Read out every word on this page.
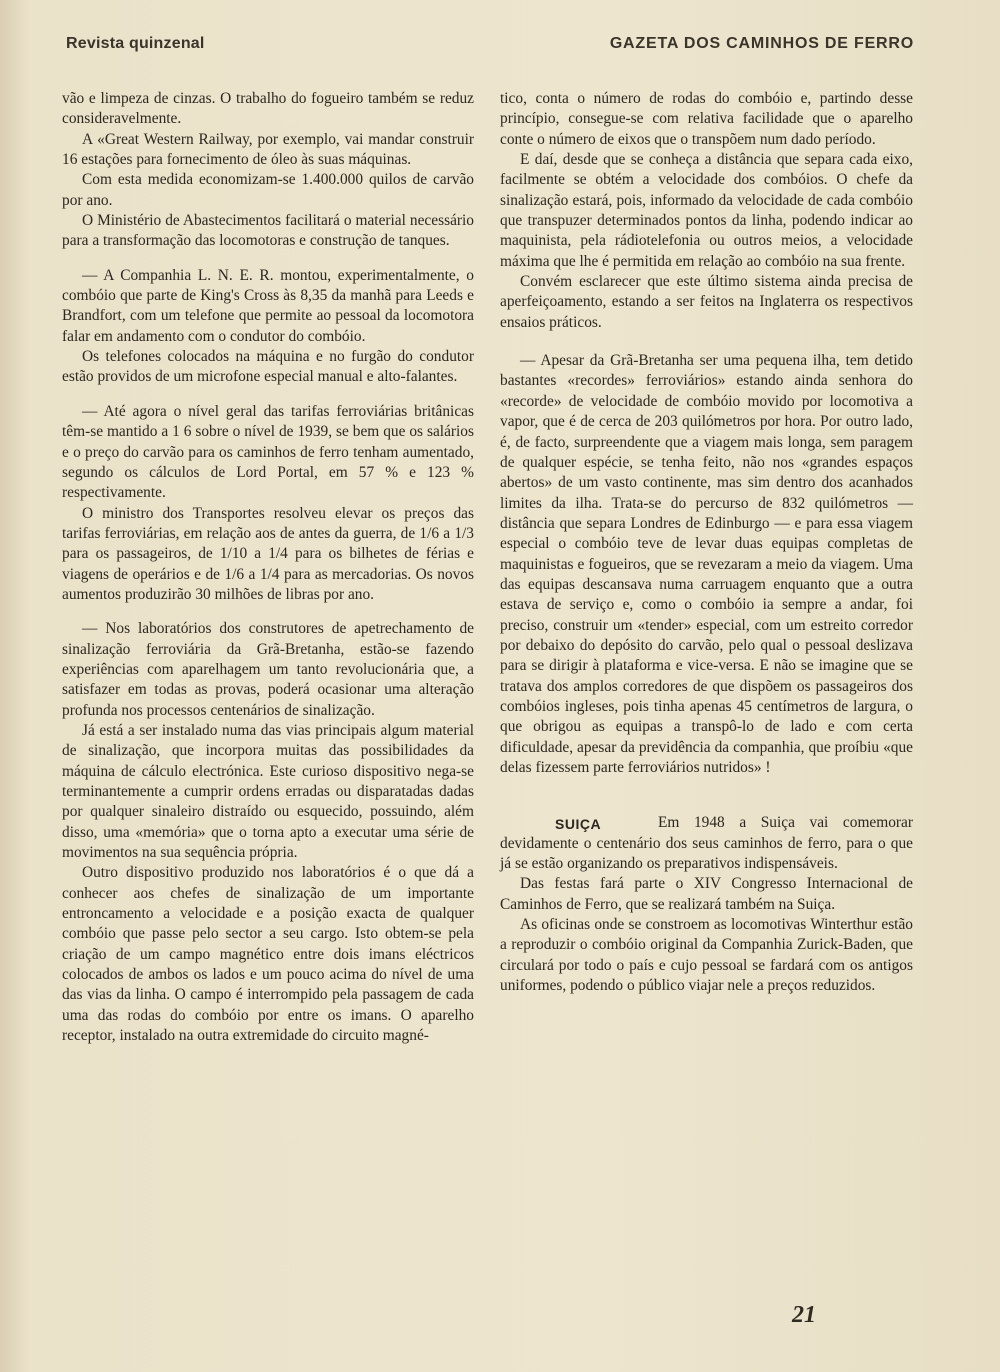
Revista quinzenal	GAZETA DOS CAMINHOS DE FERRO

vão e limpeza de cinzas. O trabalho do fogueiro também se reduz consideravelmente.

A «Great Western Railway, por exemplo, vai mandar construir 16 estações para fornecimento de óleo às suas máquinas.

Com esta medida economizam-se 1.400.000 quilos de carvão por ano.

O Ministério de Abastecimentos facilitará o material necessário para a transformação das locomotoras e construção de tanques.

— A Companhia L. N. E. R. montou, experimentalmente, o combóio que parte de King's Cross às 8,35 da manhã para Leeds e Brandfort, com um telefone que permite ao pessoal da locomotora falar em andamento com o condutor do combóio.

Os telefones colocados na máquina e no furgão do condutor estão providos de um microfone especial manual e alto-falantes.

— Até agora o nível geral das tarifas ferroviárias britânicas têm-se mantido a 1 6 sobre o nível de 1939, se bem que os salários e o preço do carvão para os caminhos de ferro tenham aumentado, segundo os cálculos de Lord Portal, em 57 % e 123 % respectivamente.

O ministro dos Transportes resolveu elevar os preços das tarifas ferroviárias, em relação aos de antes da guerra, de 1/6 a 1/3 para os passageiros, de 1/10 a 1/4 para os bilhetes de férias e viagens de operários e de 1/6 a 1/4 para as mercadorias. Os novos aumentos produzirão 30 milhões de libras por ano.

— Nos laboratórios dos construtores de apetrechamento de sinalização ferroviária da Grã-Bretanha, estão-se fazendo experiências com aparelhagem um tanto revolucionária que, a satisfazer em todas as provas, poderá ocasionar uma alteração profunda nos processos centenários de sinalização.

Já está a ser instalado numa das vias principais algum material de sinalização, que incorpora muitas das possibilidades da máquina de cálculo electrónica. Este curioso dispositivo nega-se terminantemente a cumprir ordens erradas ou disparatadas dadas por qualquer sinaleiro distraído ou esquecido, possuindo, além disso, uma «memória» que o torna apto a executar uma série de movimentos na sua sequência própria.

Outro dispositivo produzido nos laboratórios é o que dá a conhecer aos chefes de sinalização de um importante entroncamento a velocidade e a posição exacta de qualquer combóio que passe pelo sector a seu cargo. Isto obtem-se pela criação de um campo magnético entre dois imans eléctricos colocados de ambos os lados e um pouco acima do nível de uma das vias da linha. O campo é interrompido pela passagem de cada uma das rodas do combóio por entre os imans. O aparelho receptor, instalado na outra extremidade do circuito magné-

tico, conta o número de rodas do combóio e, partindo desse princípio, consegue-se com relativa facilidade que o aparelho conte o número de eixos que o transpõem num dado período.

E daí, desde que se conheça a distância que separa cada eixo, facilmente se obtém a velocidade dos combóios. O chefe da sinalização estará, pois, informado da velocidade de cada combóio que transpuzer determinados pontos da linha, podendo indicar ao maquinista, pela rádiotelefonia ou outros meios, a velocidade máxima que lhe é permitida em relação ao combóio na sua frente.

Convém esclarecer que este último sistema ainda precisa de aperfeiçoamento, estando a ser feitos na Inglaterra os respectivos ensaios práticos.

— Apesar da Grã-Bretanha ser uma pequena ilha, tem detido bastantes «recordes» ferroviários» estando ainda senhora do «recorde» de velocidade de combóio movido por locomotiva a vapor, que é de cerca de 203 quilómetros por hora. Por outro lado, é, de facto, surpreendente que a viagem mais longa, sem paragem de qualquer espécie, se tenha feito, não nos «grandes espaços abertos» de um vasto continente, mas sim dentro dos acanhados limites da ilha. Trata-se do percurso de 832 quilómetros — distância que separa Londres de Edinburgo — e para essa viagem especial o combóio teve de levar duas equipas completas de maquinistas e fogueiros, que se revezaram a meio da viagem. Uma das equipas descansava numa carruagem enquanto que a outra estava de serviço e, como o combóio ia sempre a andar, foi preciso, construir um «tender» especial, com um estreito corredor por debaixo do depósito do carvão, pelo qual o pessoal deslizava para se dirigir à plataforma e vice-versa. E não se imagine que se tratava dos amplos corredores de que dispõem os passageiros dos combóios ingleses, pois tinha apenas 45 centímetros de largura, o que obrigou as equipas a transpô-lo de lado e com certa dificuldade, apesar da previdência da companhia, que proíbiu «que delas fizessem parte ferroviários nutridos» !

SUIÇA	Em 1948 a Suiça vai comemorar devidamente o centenário dos seus caminhos de ferro, para o que já se estão organizando os preparativos indispensáveis.

Das festas fará parte o XIV Congresso Internacional de Caminhos de Ferro, que se realizará também na Suiça.

As oficinas onde se constroem as locomotivas Winterthur estão a reproduzir o combóio original da Companhia Zurick-Baden, que circulará por todo o país e cujo pessoal se fardará com os antigos uniformes, podendo o público viajar nele a preços reduzidos.

21
